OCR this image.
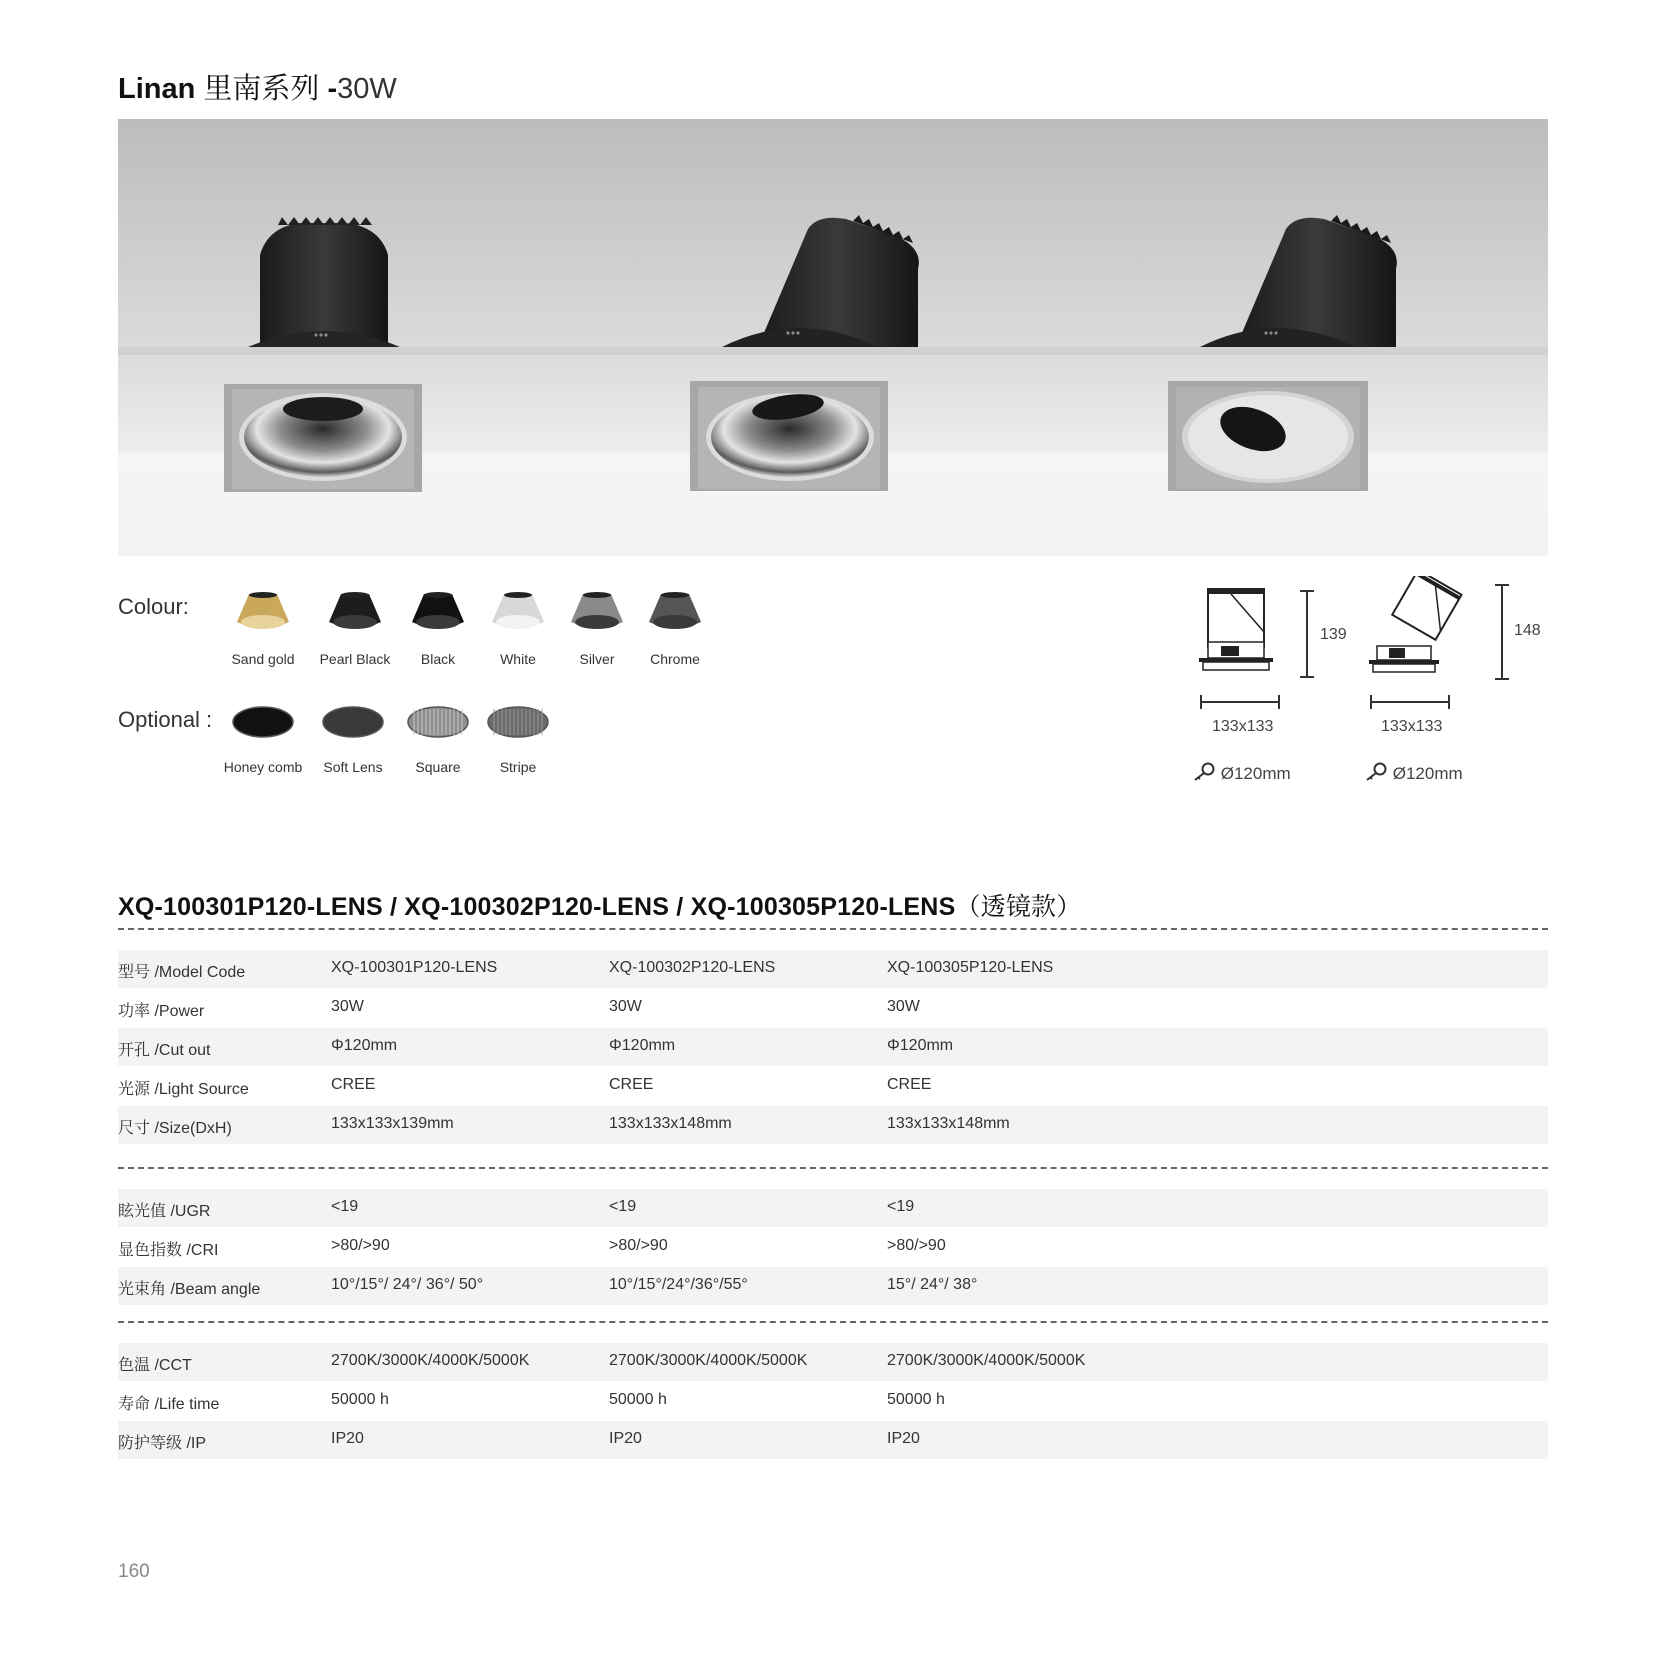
Linan 里南系列 -30W
Colour:
Sand gold	Pearl Black	Black	White	Silver	Chrome
Optional :
Honey comb	Soft Lens	Square	Stripe
139
133x133
Ø120mm
148
133x133
Ø120mm
XQ-100301P120-LENS / XQ-100302P120-LENS / XQ-100305P120-LENS（透镜款）
型号 /Model Code	XQ-100301P120-LENS	XQ-100302P120-LENS	XQ-100305P120-LENS
功率 /Power	30W	30W	30W
开孔 /Cut out	Φ120mm	Φ120mm	Φ120mm
光源 /Light Source	CREE	CREE	CREE
尺寸 /Size(DxH)	133x133x139mm	133x133x148mm	133x133x148mm
眩光值 /UGR	<19	<19	<19
显色指数 /CRI	>80/>90	>80/>90	>80/>90
光束角 /Beam angle	10°/15°/ 24°/ 36°/ 50°	10°/15°/24°/36°/55°	15°/ 24°/ 38°
色温 /CCT	2700K/3000K/4000K/5000K	2700K/3000K/4000K/5000K	2700K/3000K/4000K/5000K
寿命 /Life time	50000 h	50000 h	50000 h
防护等级 /IP	IP20	IP20	IP20
160
